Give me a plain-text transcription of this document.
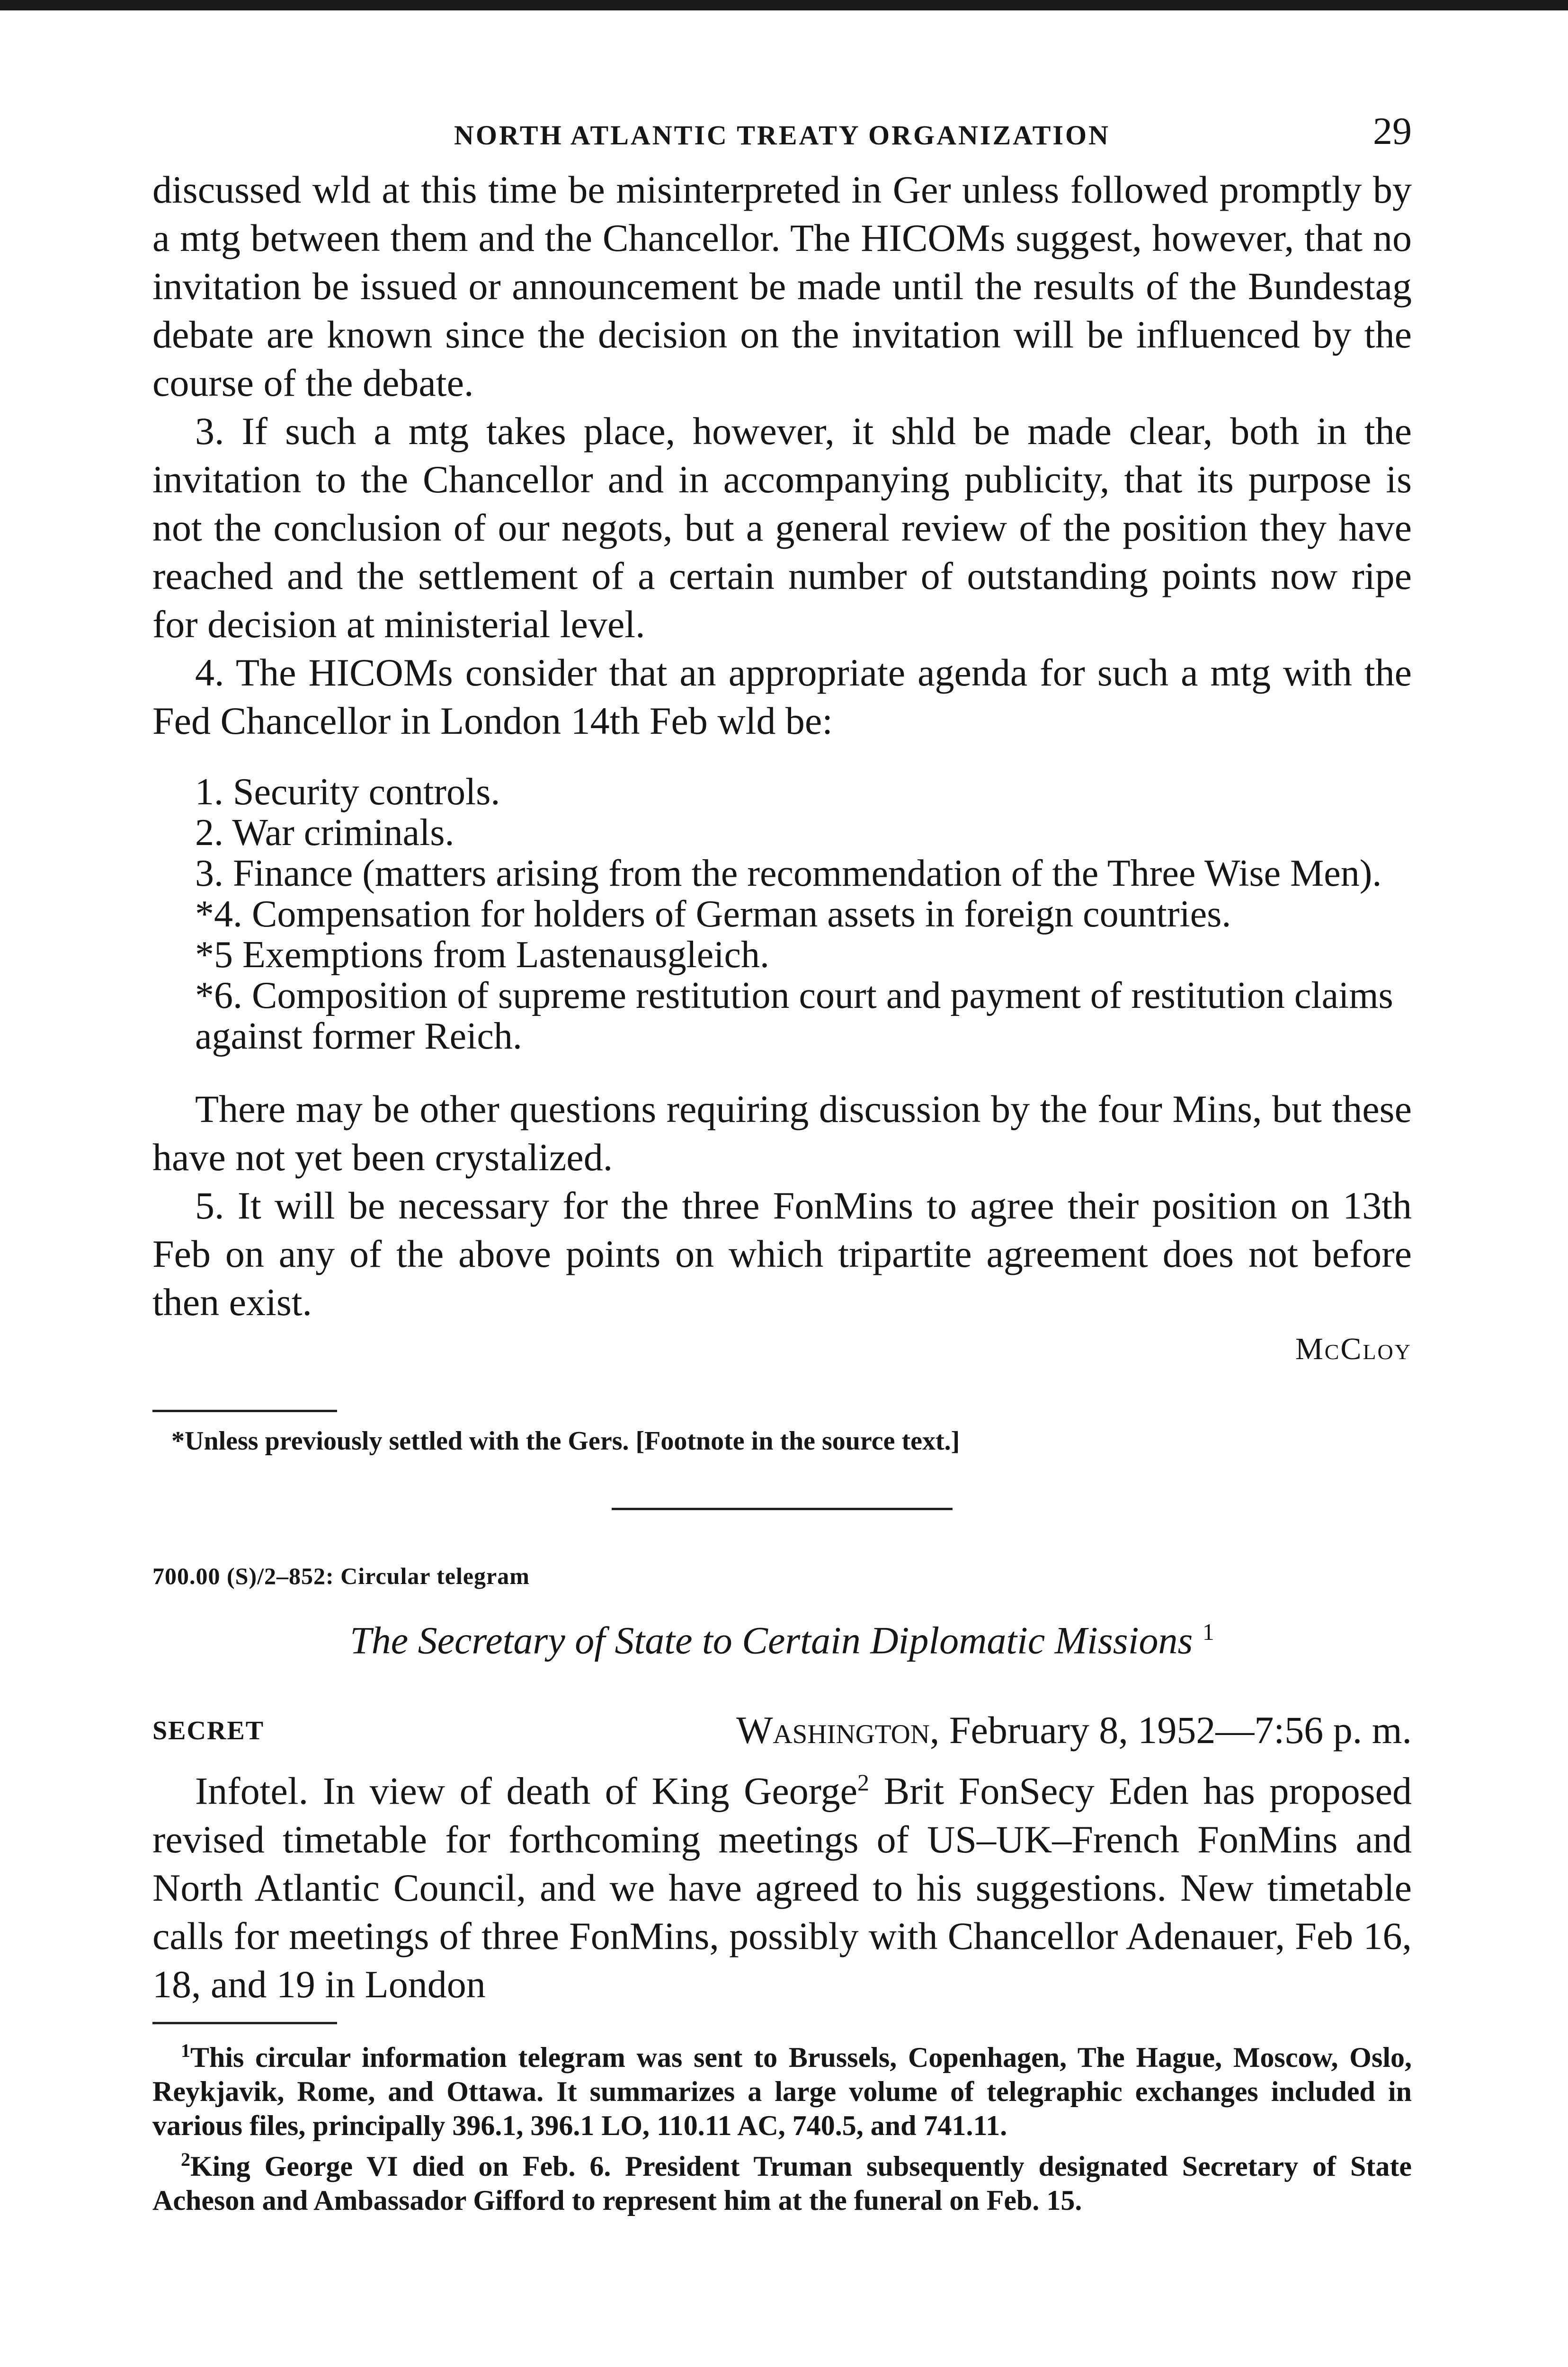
NORTH ATLANTIC TREATY ORGANIZATION	29

discussed wld at this time be misinterpreted in Ger unless followed promptly by a mtg between them and the Chancellor. The HICOMs suggest, however, that no invitation be issued or announcement be made until the results of the Bundestag debate are known since the decision on the invitation will be influenced by the course of the debate.

3. If such a mtg takes place, however, it shld be made clear, both in the invitation to the Chancellor and in accompanying publicity, that its purpose is not the conclusion of our negots, but a general review of the position they have reached and the settlement of a certain number of outstanding points now ripe for decision at ministerial level.

4. The HICOMs consider that an appropriate agenda for such a mtg with the Fed Chancellor in London 14th Feb wld be:

1. Security controls.

2. War criminals.

3. Finance (matters arising from the recommendation of the Three Wise Men).

*4. Compensation for holders of German assets in foreign countries.

*5 Exemptions from Lastenausgleich.

*6. Composition of supreme restitution court and payment of restitution claims against former Reich.

There may be other questions requiring discussion by the four Mins, but these have not yet been crystalized.

5. It will be necessary for the three FonMins to agree their position on 13th Feb on any of the above points on which tripartite agreement does not before then exist.

McCloy

*Unless previously settled with the Gers. [Footnote in the source text.]

700.00 (S)/2–852: Circular telegram
The Secretary of State to Certain Diplomatic Missions $^1$
SECRET	Washington, February 8, 1952—7:56 p. m.

Infotel. In view of death of King George$^2$ Brit FonSecy Eden has proposed revised timetable for forthcoming meetings of US–UK–French FonMins and North Atlantic Council, and we have agreed to his suggestions. New timetable calls for meetings of three FonMins, possibly with Chancellor Adenauer, Feb 16, 18, and 19 in London

$^1$This circular information telegram was sent to Brussels, Copenhagen, The Hague, Moscow, Oslo, Reykjavik, Rome, and Ottawa. It summarizes a large volume of telegraphic exchanges included in various files, principally 396.1, 396.1 LO, 110.11 AC, 740.5, and 741.11.

$^2$King George VI died on Feb. 6. President Truman subsequently designated Secretary of State Acheson and Ambassador Gifford to represent him at the funeral on Feb. 15.
